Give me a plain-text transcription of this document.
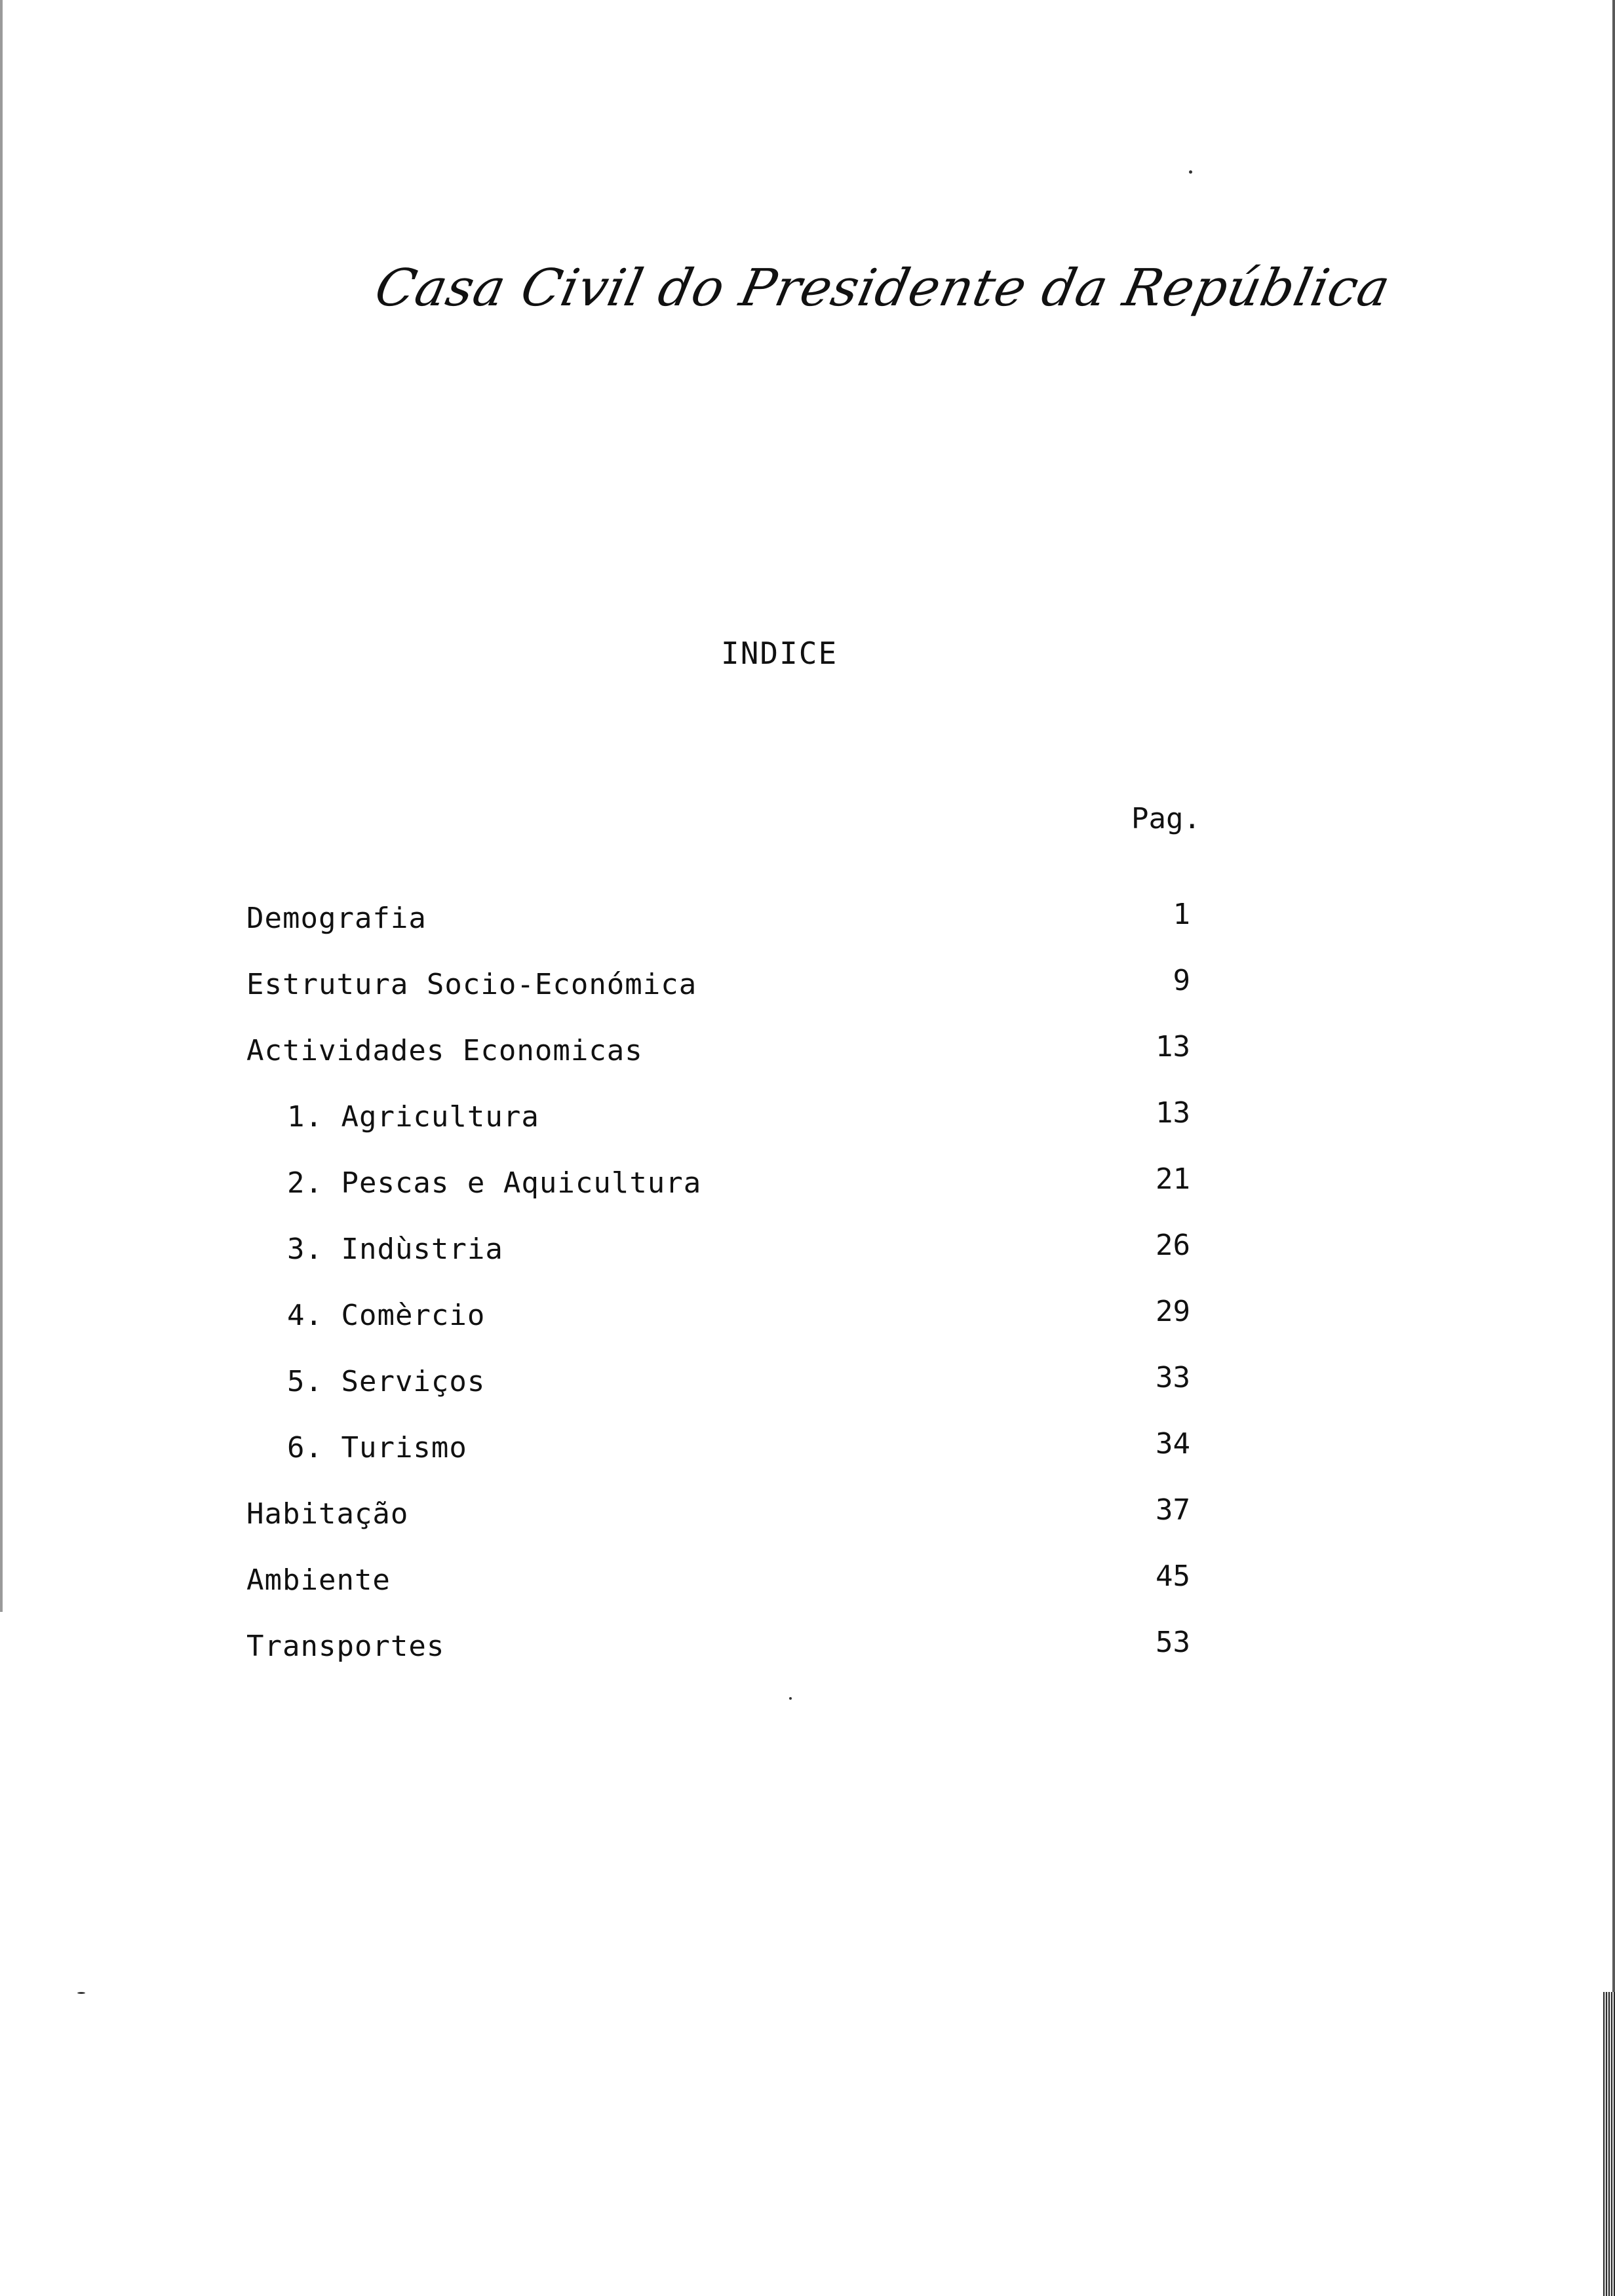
Casa Civil do Presidente da República
INDICE
Pag.
Demografia	1
Estrutura Socio-Económica	9
Actividades Economicas	13
1. Agricultura	13
2. Pescas e Aquicultura	21
3. Indùstria	26
4. Comèrcio	29
5. Serviços	33
6. Turismo	34
Habitação	37
Ambiente	45
Transportes	53
